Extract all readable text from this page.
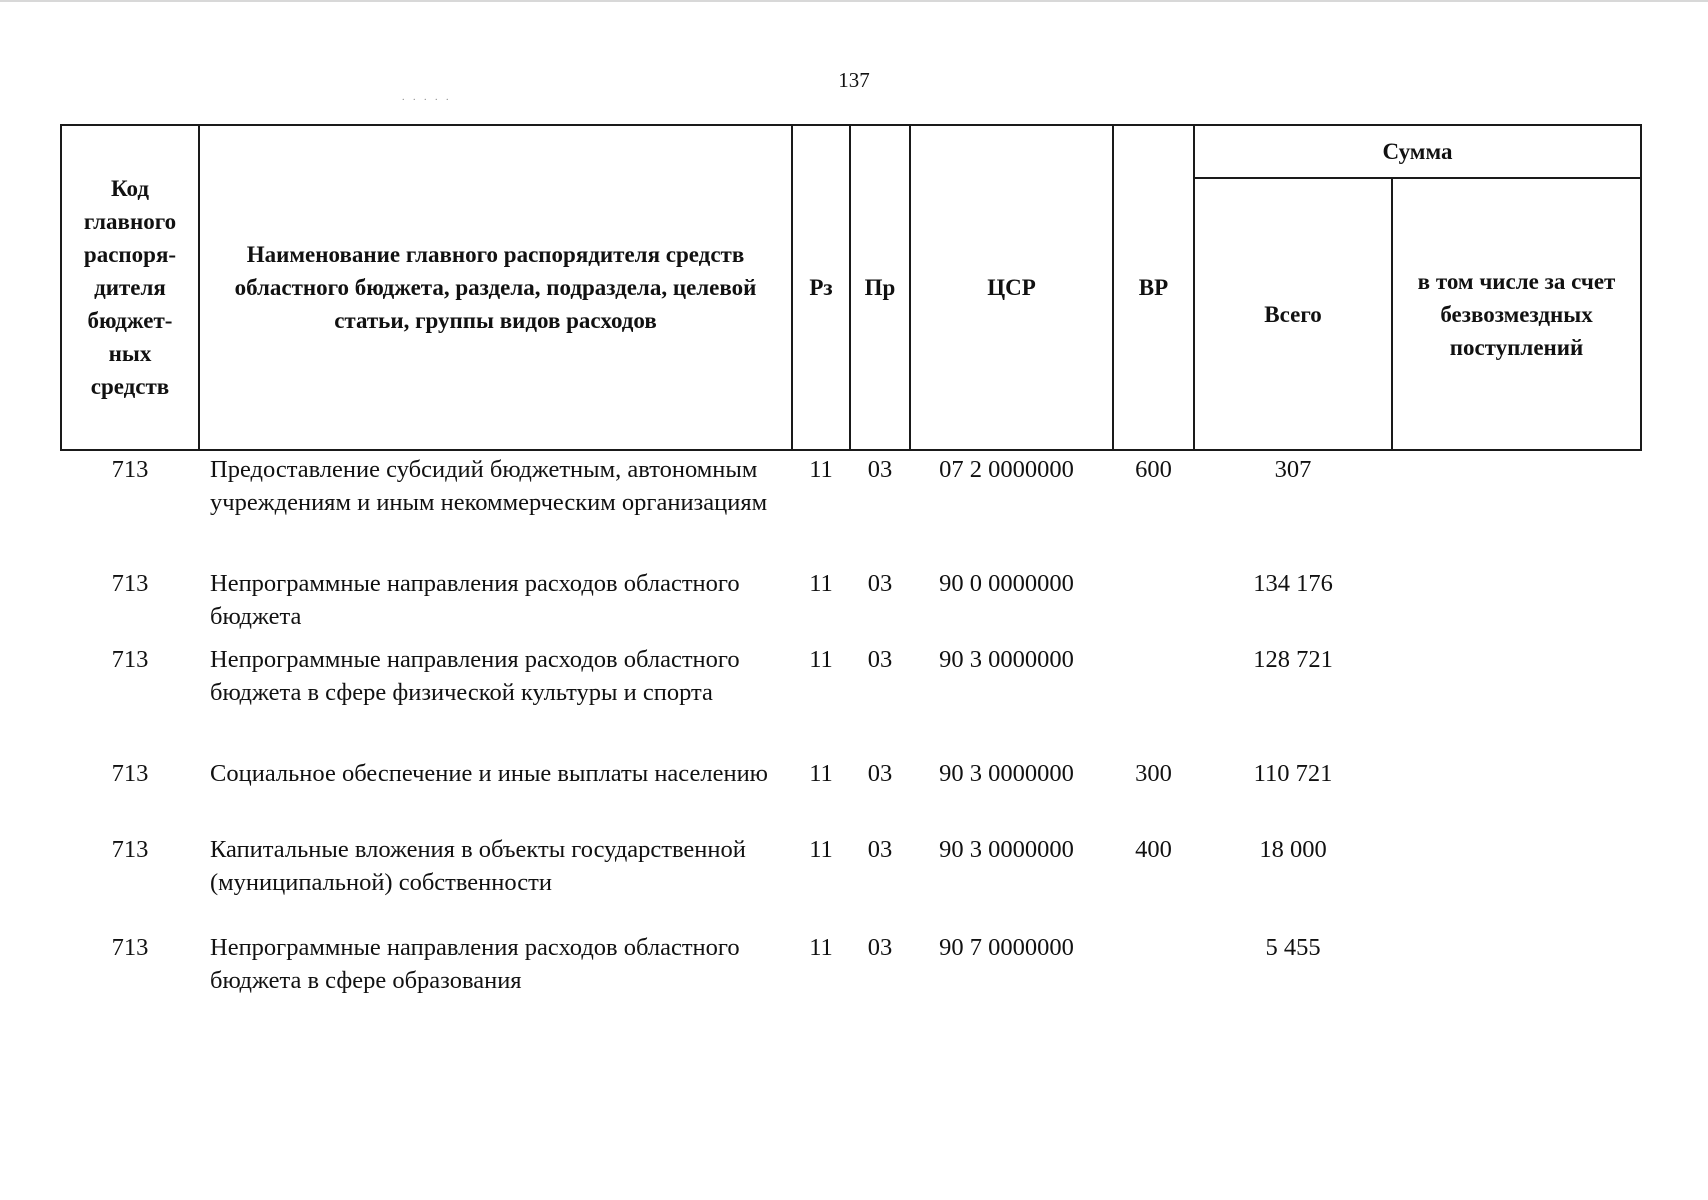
137
. . . . .
Код главного распоря-дителя бюджет-ных средств	Наименование главного распорядителя средств областного бюджета, раздела, подраздела, целевой статьи, группы видов расходов	Рз	Пр	ЦСР	ВР	Сумма	
						Всего	в том числе за счет безвозмездных поступлений
713	Предоставление субсидий бюджетным, автономным учреждениям и иным некоммерческим организациям	11	03	07 2 0000000	600	307	
713	Непрограммные направления расходов областного бюджета	11	03	90 0 0000000		134 176	
713	Непрограммные направления расходов областного бюджета в сфере физической культуры и спорта	11	03	90 3 0000000		128 721	
713	Социальное обеспечение и иные выплаты населению	11	03	90 3 0000000	300	110 721	
713	Капитальные вложения в объекты государственной (муниципальной) собственности	11	03	90 3 0000000	400	18 000	
713	Непрограммные направления расходов областного бюджета в сфере образования	11	03	90 7 0000000		5 455	
